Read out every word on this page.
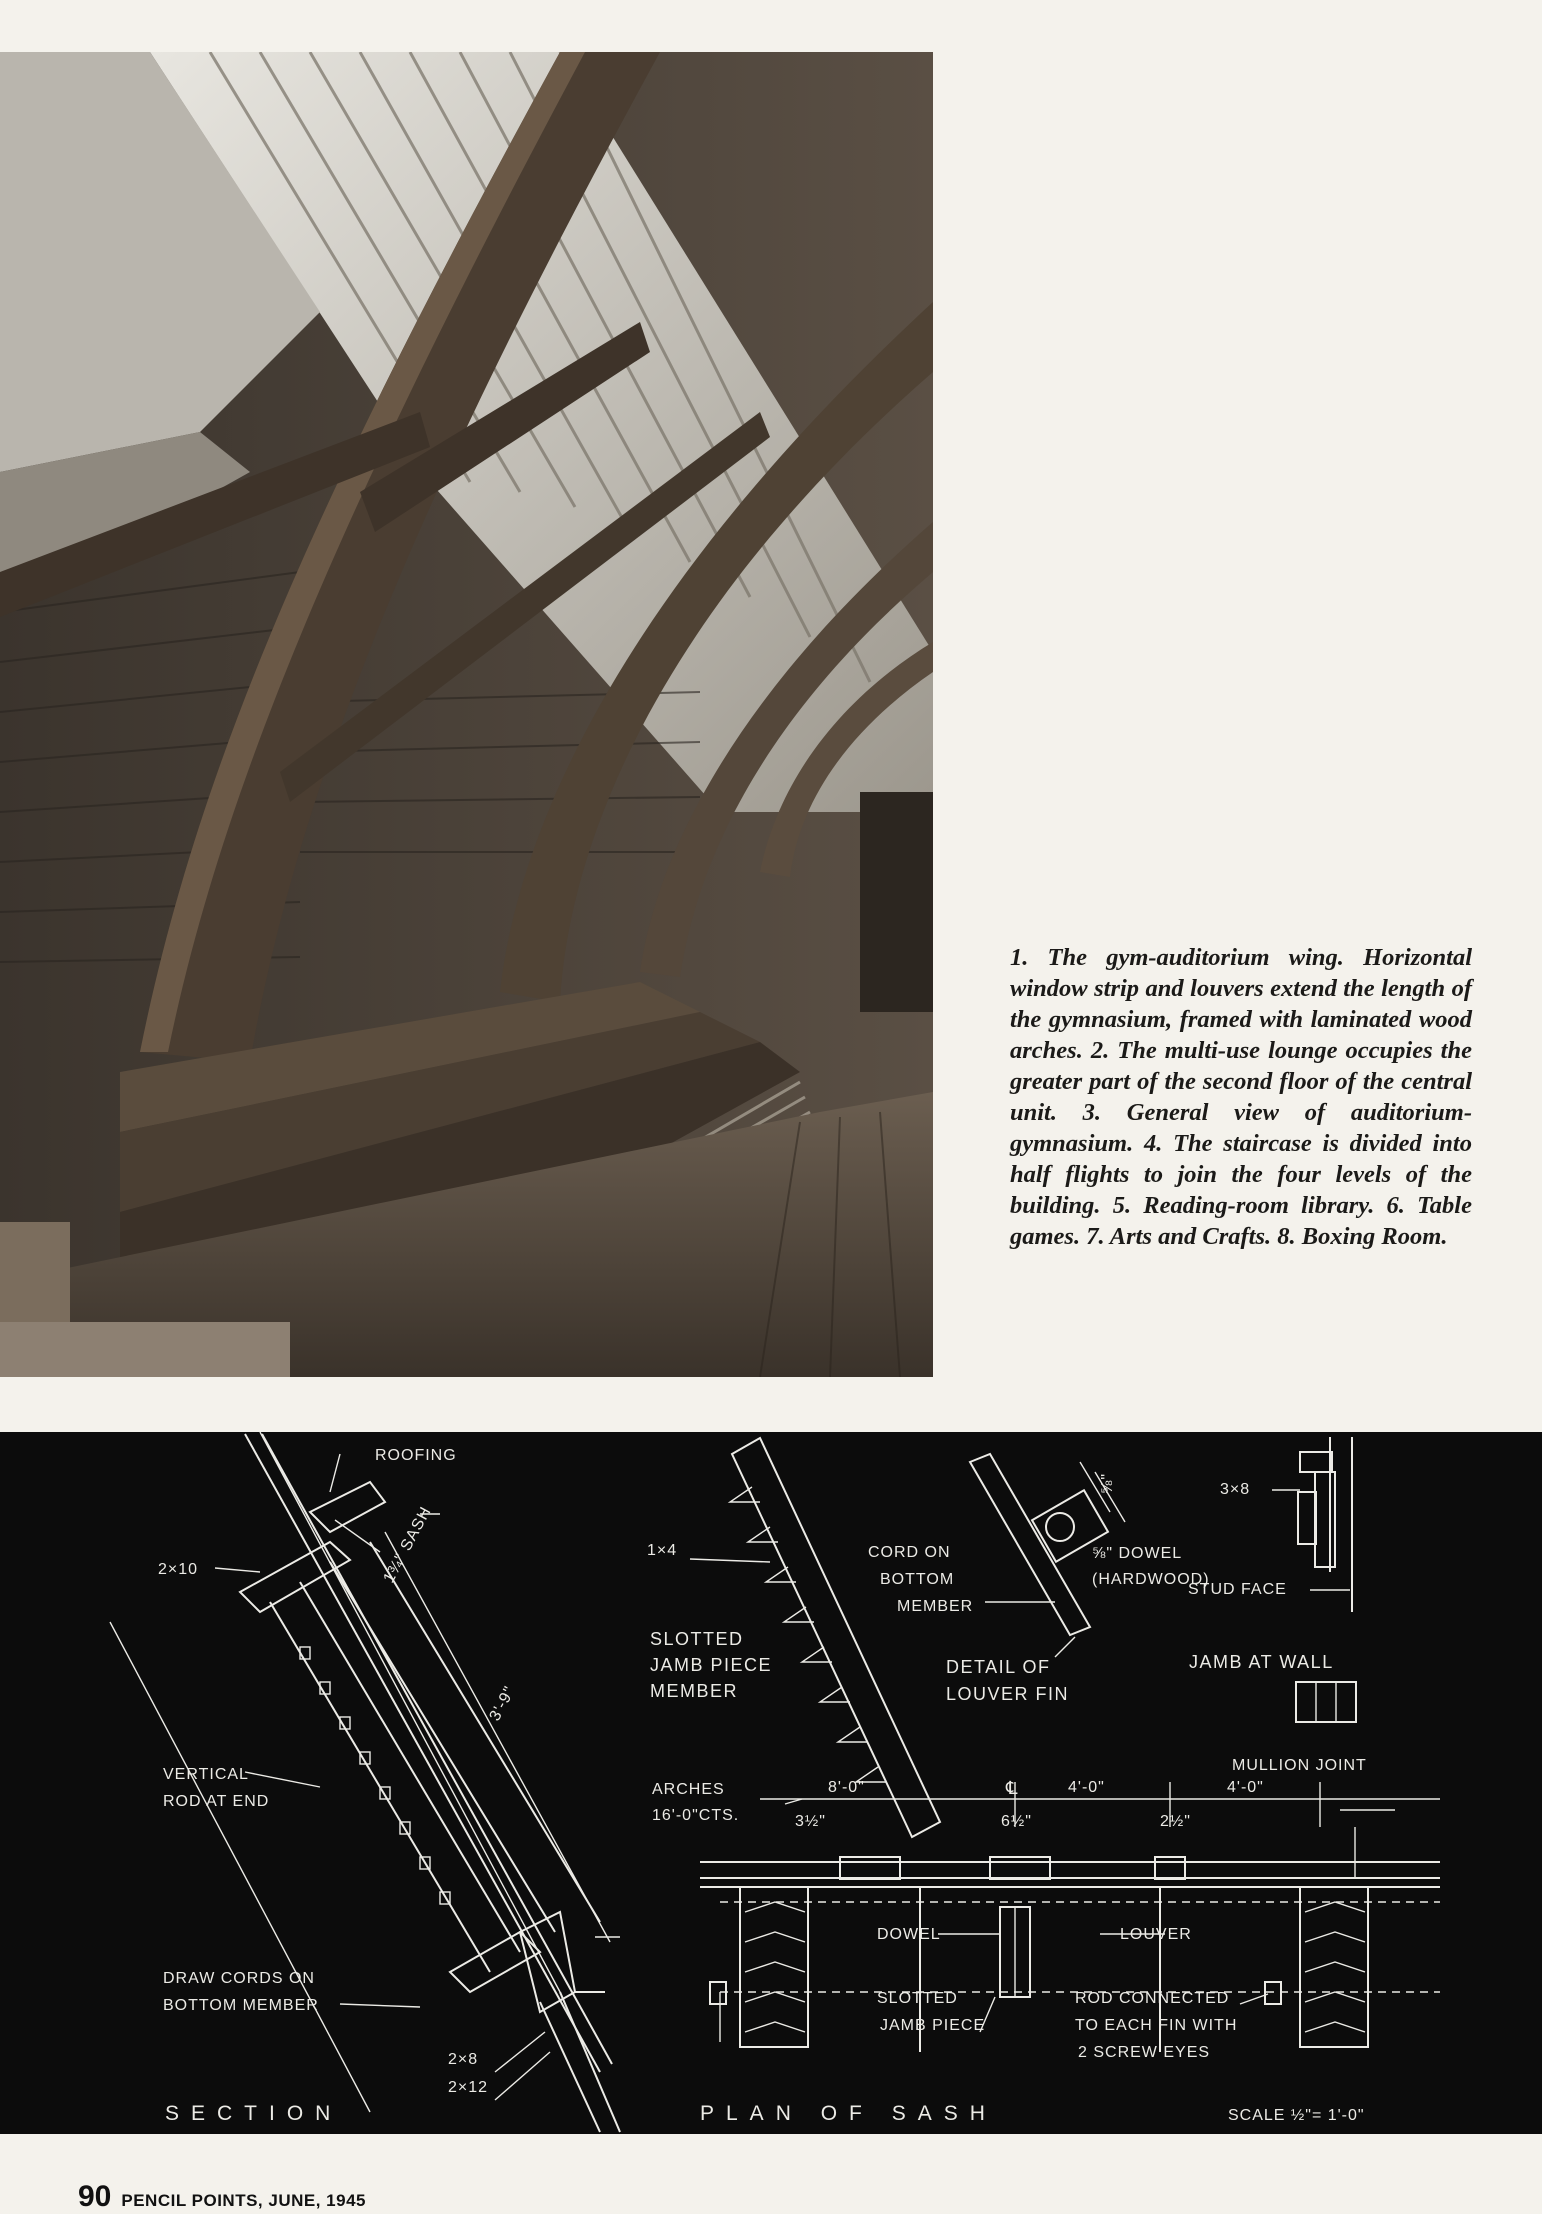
1. The gym-auditorium wing. Horizontal window strip and louvers extend the length of the gymnasium, framed with laminated wood arches. 2. The multi-use lounge occupies the greater part of the second floor of the central unit. 3. General view of auditorium-gymnasium. 4. The staircase is divided into half flights to join the four levels of the building. 5. Reading-room library. 6. Table games. 7. Arts and Crafts. 8. Boxing Room.
ROOFING
2×10	1¾" SASH
3'-9"
VERTICAL
ROD AT END
DRAW CORDS ON
BOTTOM MEMBER
2×8
2×12
SECTION
1×4
SLOTTED
JAMB PIECE
MEMBER
CORD ON
BOTTOM
MEMBER
⅝"
⅝" DOWEL
(HARDWOOD)
DETAIL OF
LOUVER FIN
3×8
STUD FACE
JAMB AT WALL
ARCHES
16'-0"CTS.
8'-0"	℄	4'-0"	4'-0"
3½"	6½"	2½"
MULLION JOINT
DOWEL	LOUVER
SLOTTED
JAMB PIECE
ROD CONNECTED
TO EACH FIN WITH
2 SCREW EYES
PLAN OF SASH	SCALE ½"= 1'-0"
90 PENCIL POINTS, JUNE, 1945
